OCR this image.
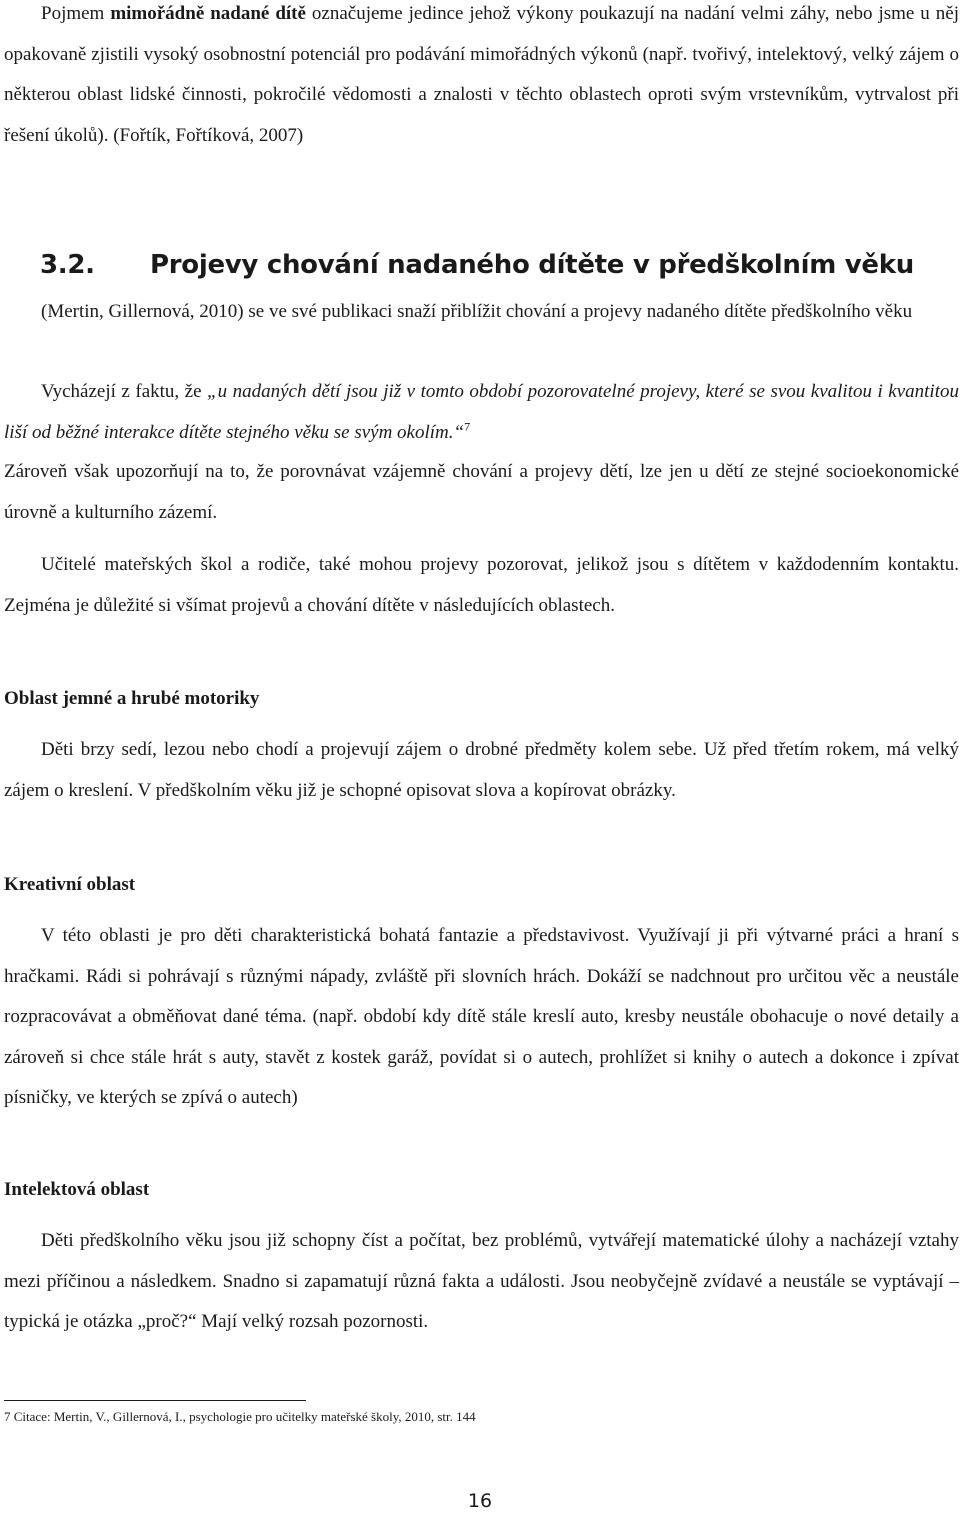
Pojmem mimořádně nadané dítě označujeme jedince jehož výkony poukazují na nadání velmi záhy, nebo jsme u něj opakovaně zjistili vysoký osobnostní potenciál pro podávání mimořádných výkonů (např. tvořivý, intelektový, velký zájem o některou oblast lidské činnosti, pokročilé vědomosti a znalosti v těchto oblastech oproti svým vrstevníkům, vytrvalost při řešení úkolů). (Fořtík, Fořtíková, 2007)

3.2. Projevy chování nadaného dítěte v předškolním věku

(Mertin, Gillernová, 2010) se ve své publikaci snaží přiblížit chování a projevy nadaného dítěte předškolního věku

Vycházejí z faktu, že „u nadaných dětí jsou již v tomto období pozorovatelné projevy, které se svou kvalitou i kvantitou liší od běžné interakce dítěte stejného věku se svým okolím.“$^7$

Zároveň však upozorňují na to, že porovnávat vzájemně chování a projevy dětí, lze jen u dětí ze stejné socioekonomické úrovně a kulturního zázemí.

Učitelé mateřských škol a rodiče, také mohou projevy pozorovat, jelikož jsou s dítětem v každodenním kontaktu. Zejména je důležité si všímat projevů a chování dítěte v následujících oblastech.

Oblast jemné a hrubé motoriky

Děti brzy sedí, lezou nebo chodí a projevují zájem o drobné předměty kolem sebe. Už před třetím rokem, má velký zájem o kreslení. V předškolním věku již je schopné opisovat slova a kopírovat obrázky.

Kreativní oblast

V této oblasti je pro děti charakteristická bohatá fantazie a představivost. Využívají ji při výtvarné práci a hraní s hračkami. Rádi si pohrávají s různými nápady, zvláště při slovních hrách. Dokáží se nadchnout pro určitou věc a neustále rozpracovávat a obměňovat dané téma. (např. období kdy dítě stále kreslí auto, kresby neustále obohacuje o nové detaily a zároveň si chce stále hrát s auty, stavět z kostek garáž, povídat si o autech, prohlížet si knihy o autech a dokonce i zpívat písničky, ve kterých se zpívá o autech)

Intelektová oblast

Děti předškolního věku jsou již schopny číst a počítat, bez problémů, vytvářejí matematické úlohy a nacházejí vztahy mezi příčinou a následkem. Snadno si zapamatují různá fakta a události. Jsou neobyčejně zvídavé a neustále se vyptávají – typická je otázka „proč?“ Mají velký rozsah pozornosti.

7 Citace: Mertin, V., Gillernová, I., psychologie pro učitelky mateřské školy, 2010, str. 144

16
